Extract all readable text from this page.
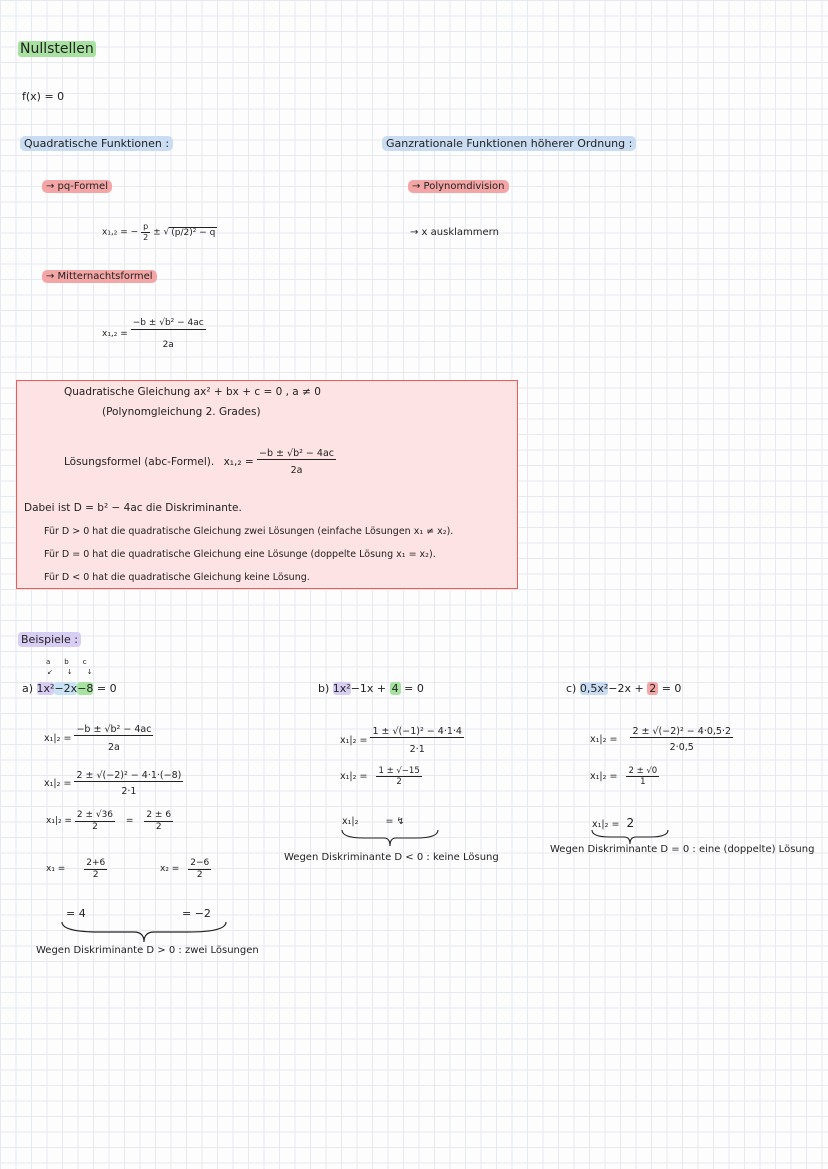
Nullstellen
f(x) = 0
Quadratische Funktionen :	Ganzrationale Funktionen höherer Ordnung :
→ pq-Formel
x₁,₂ = − $\frac{p}{2}$ ± √ (p/2)² − q
→ Mitternachtsformel
$x_1,_2 = \frac{\text{−b ± √b² − 4ac}}{2a}$
→ Polynomdivision
→ x ausklammern
Quadratische Gleichung ax² + bx + c = 0 , a ≠ 0
(Polynomgleichung 2. Grades)
Lösungsformel (abc-Formel). $x_1,_2 = \frac{\text{−b ± √b² − 4ac}}{2a}$
Dabei ist D = b² − 4ac die Diskriminante.
Für D > 0 hat die quadratische Gleichung zwei Lösungen (einfache Lösungen x₁ ≠ x₂).
Für D = 0 hat die quadratische Gleichung eine Lösunge (doppelte Lösung x₁ = x₂).
Für D < 0 hat die quadratische Gleichung keine Lösung.
Beispiele :
abc
↙↓↓
a) 1x²−2x−8 = 0
$x_1|_2 = \frac{\text{−b ± √b² − 4ac}}{2a}$
$x_1|_2 = \frac{\text{2 ± √(−2)² − 4·1·(−8)}}{2\cdot 1}$
$x_1|_2 = \frac{2 \pm √36}{2} = \frac{2 \pm 6}{2}$
$x_1 = \frac{2+6}{2}$	$x_2 = \frac{2-6}{2}$
= 4	= −2
Wegen Diskriminante D > 0 : zwei Lösungen
b) 1x²−1x + 4 = 0
$x_1|_2 = \frac{\text{1 ± √(−1)² − 4·1·4}}{2\cdot 1}$
$x_1|_2 = \frac{1 \pm √-15}{2}$
x₁|₂	= ↯
Wegen Diskriminante D < 0 : keine Lösung
c) 0,5x²−2x + 2 = 0
$x_1|_2 = \frac{\text{2 ± √(−2)² − 4·0,5·2}}{2\cdot 0,5}$
$x_1|_2 = \frac{2 \pm √0}{1}$
x₁|₂ = 2
Wegen Diskriminante D = 0 : eine (doppelte) Lösung
